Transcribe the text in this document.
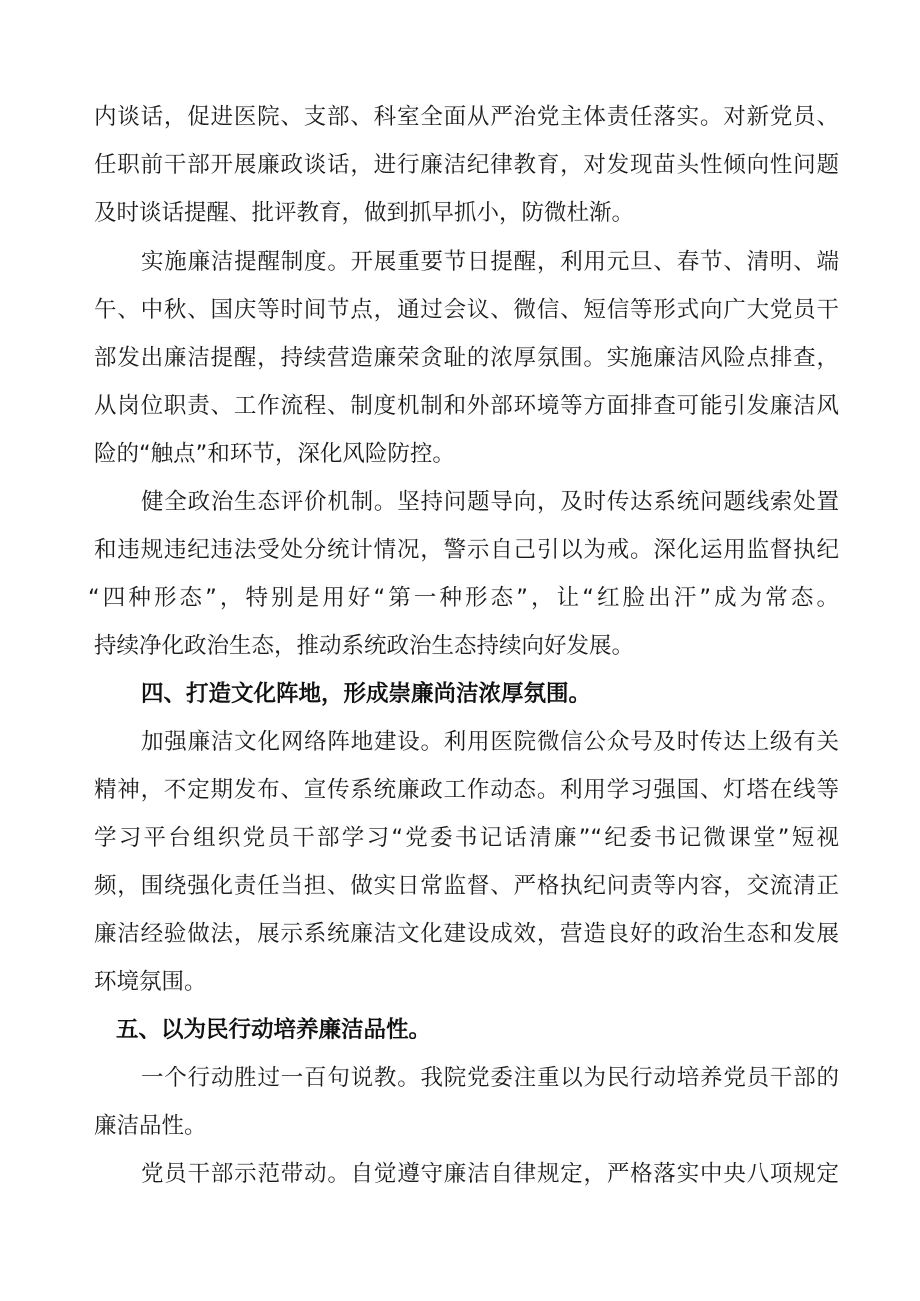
内谈话，促进医院、支部、科室全面从严治党主体责任落实。对新党员、
任职前干部开展廉政谈话，进行廉洁纪律教育，对发现苗头性倾向性问题
及时谈话提醒、批评教育，做到抓早抓小，防微杜渐。
实施廉洁提醒制度。开展重要节日提醒，利用元旦、春节、清明、端
午、中秋、国庆等时间节点，通过会议、微信、短信等形式向广大党员干
部发出廉洁提醒，持续营造廉荣贪耻的浓厚氛围。实施廉洁风险点排查，
从岗位职责、工作流程、制度机制和外部环境等方面排查可能引发廉洁风
险的“触点”和环节，深化风险防控。
健全政治生态评价机制。坚持问题导向，及时传达系统问题线索处置
和违规违纪违法受处分统计情况，警示自己引以为戒。深化运用监督执纪
“四种形态”，特别是用好“第一种形态”，让“红脸出汗”成为常态。
持续净化政治生态，推动系统政治生态持续向好发展。
四、打造文化阵地，形成崇廉尚洁浓厚氛围。
加强廉洁文化网络阵地建设。利用医院微信公众号及时传达上级有关
精神，不定期发布、宣传系统廉政工作动态。利用学习强国、灯塔在线等
学习平台组织党员干部学习“党委书记话清廉”“纪委书记微课堂”短视
频，围绕强化责任当担、做实日常监督、严格执纪问责等内容，交流清正
廉洁经验做法，展示系统廉洁文化建设成效，营造良好的政治生态和发展
环境氛围。
五、以为民行动培养廉洁品性。
一个行动胜过一百句说教。我院党委注重以为民行动培养党员干部的
廉洁品性。
党员干部示范带动。自觉遵守廉洁自律规定，严格落实中央八项规定
